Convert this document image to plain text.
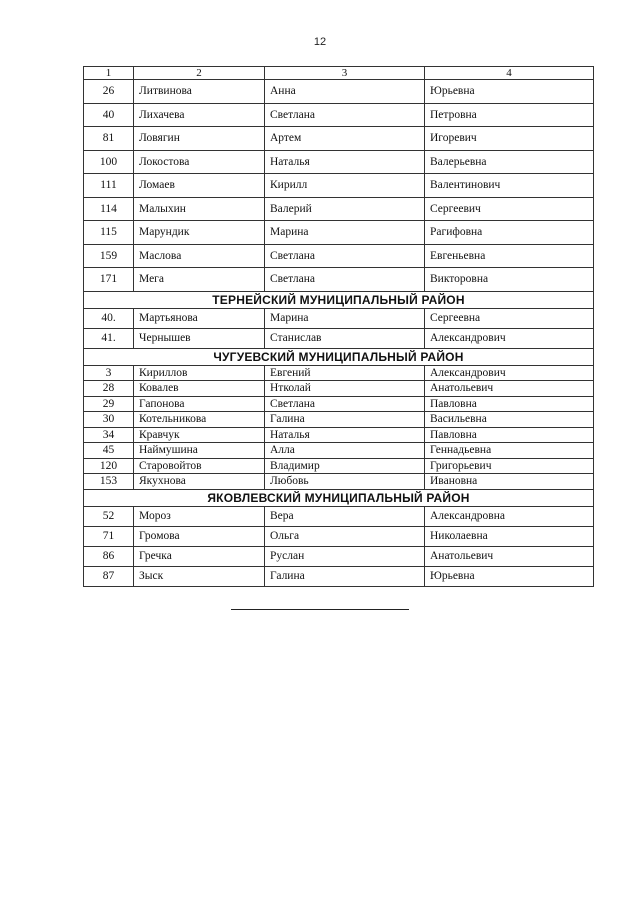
12
1	2	3	4
26	Литвинова	Анна	Юрьевна
40	Лихачева	Светлана	Петровна
81	Ловягин	Артем	Игоревич
100	Локостова	Наталья	Валерьевна
111	Ломаев	Кирилл	Валентинович
114	Малыхин	Валерий	Сергеевич
115	Марундик	Марина	Рагифовна
159	Маслова	Светлана	Евгеньевна
171	Мега	Светлана	Викторовна
ТЕРНЕЙСКИЙ МУНИЦИПАЛЬНЫЙ РАЙОН			
40.	Мартьянова	Марина	Сергеевна
41.	Чернышев	Станислав	Александрович
ЧУГУЕВСКИЙ МУНИЦИПАЛЬНЫЙ РАЙОН			
3	Кириллов	Евгений	Александрович
28	Ковалев	Нтколай	Анатольевич
29	Гапонова	Светлана	Павловна
30	Котельникова	Галина	Васильевна
34	Кравчук	Наталья	Павловна
45	Наймушина	Алла	Геннадьевна
120	Старовойтов	Владимир	Григорьевич
153	Якухнова	Любовь	Ивановна
ЯКОВЛЕВСКИЙ МУНИЦИПАЛЬНЫЙ РАЙОН			
52	Мороз	Вера	Александровна
71	Громова	Ольга	Николаевна
86	Гречка	Руслан	Анатольевич
87	Зыск	Галина	Юрьевна
